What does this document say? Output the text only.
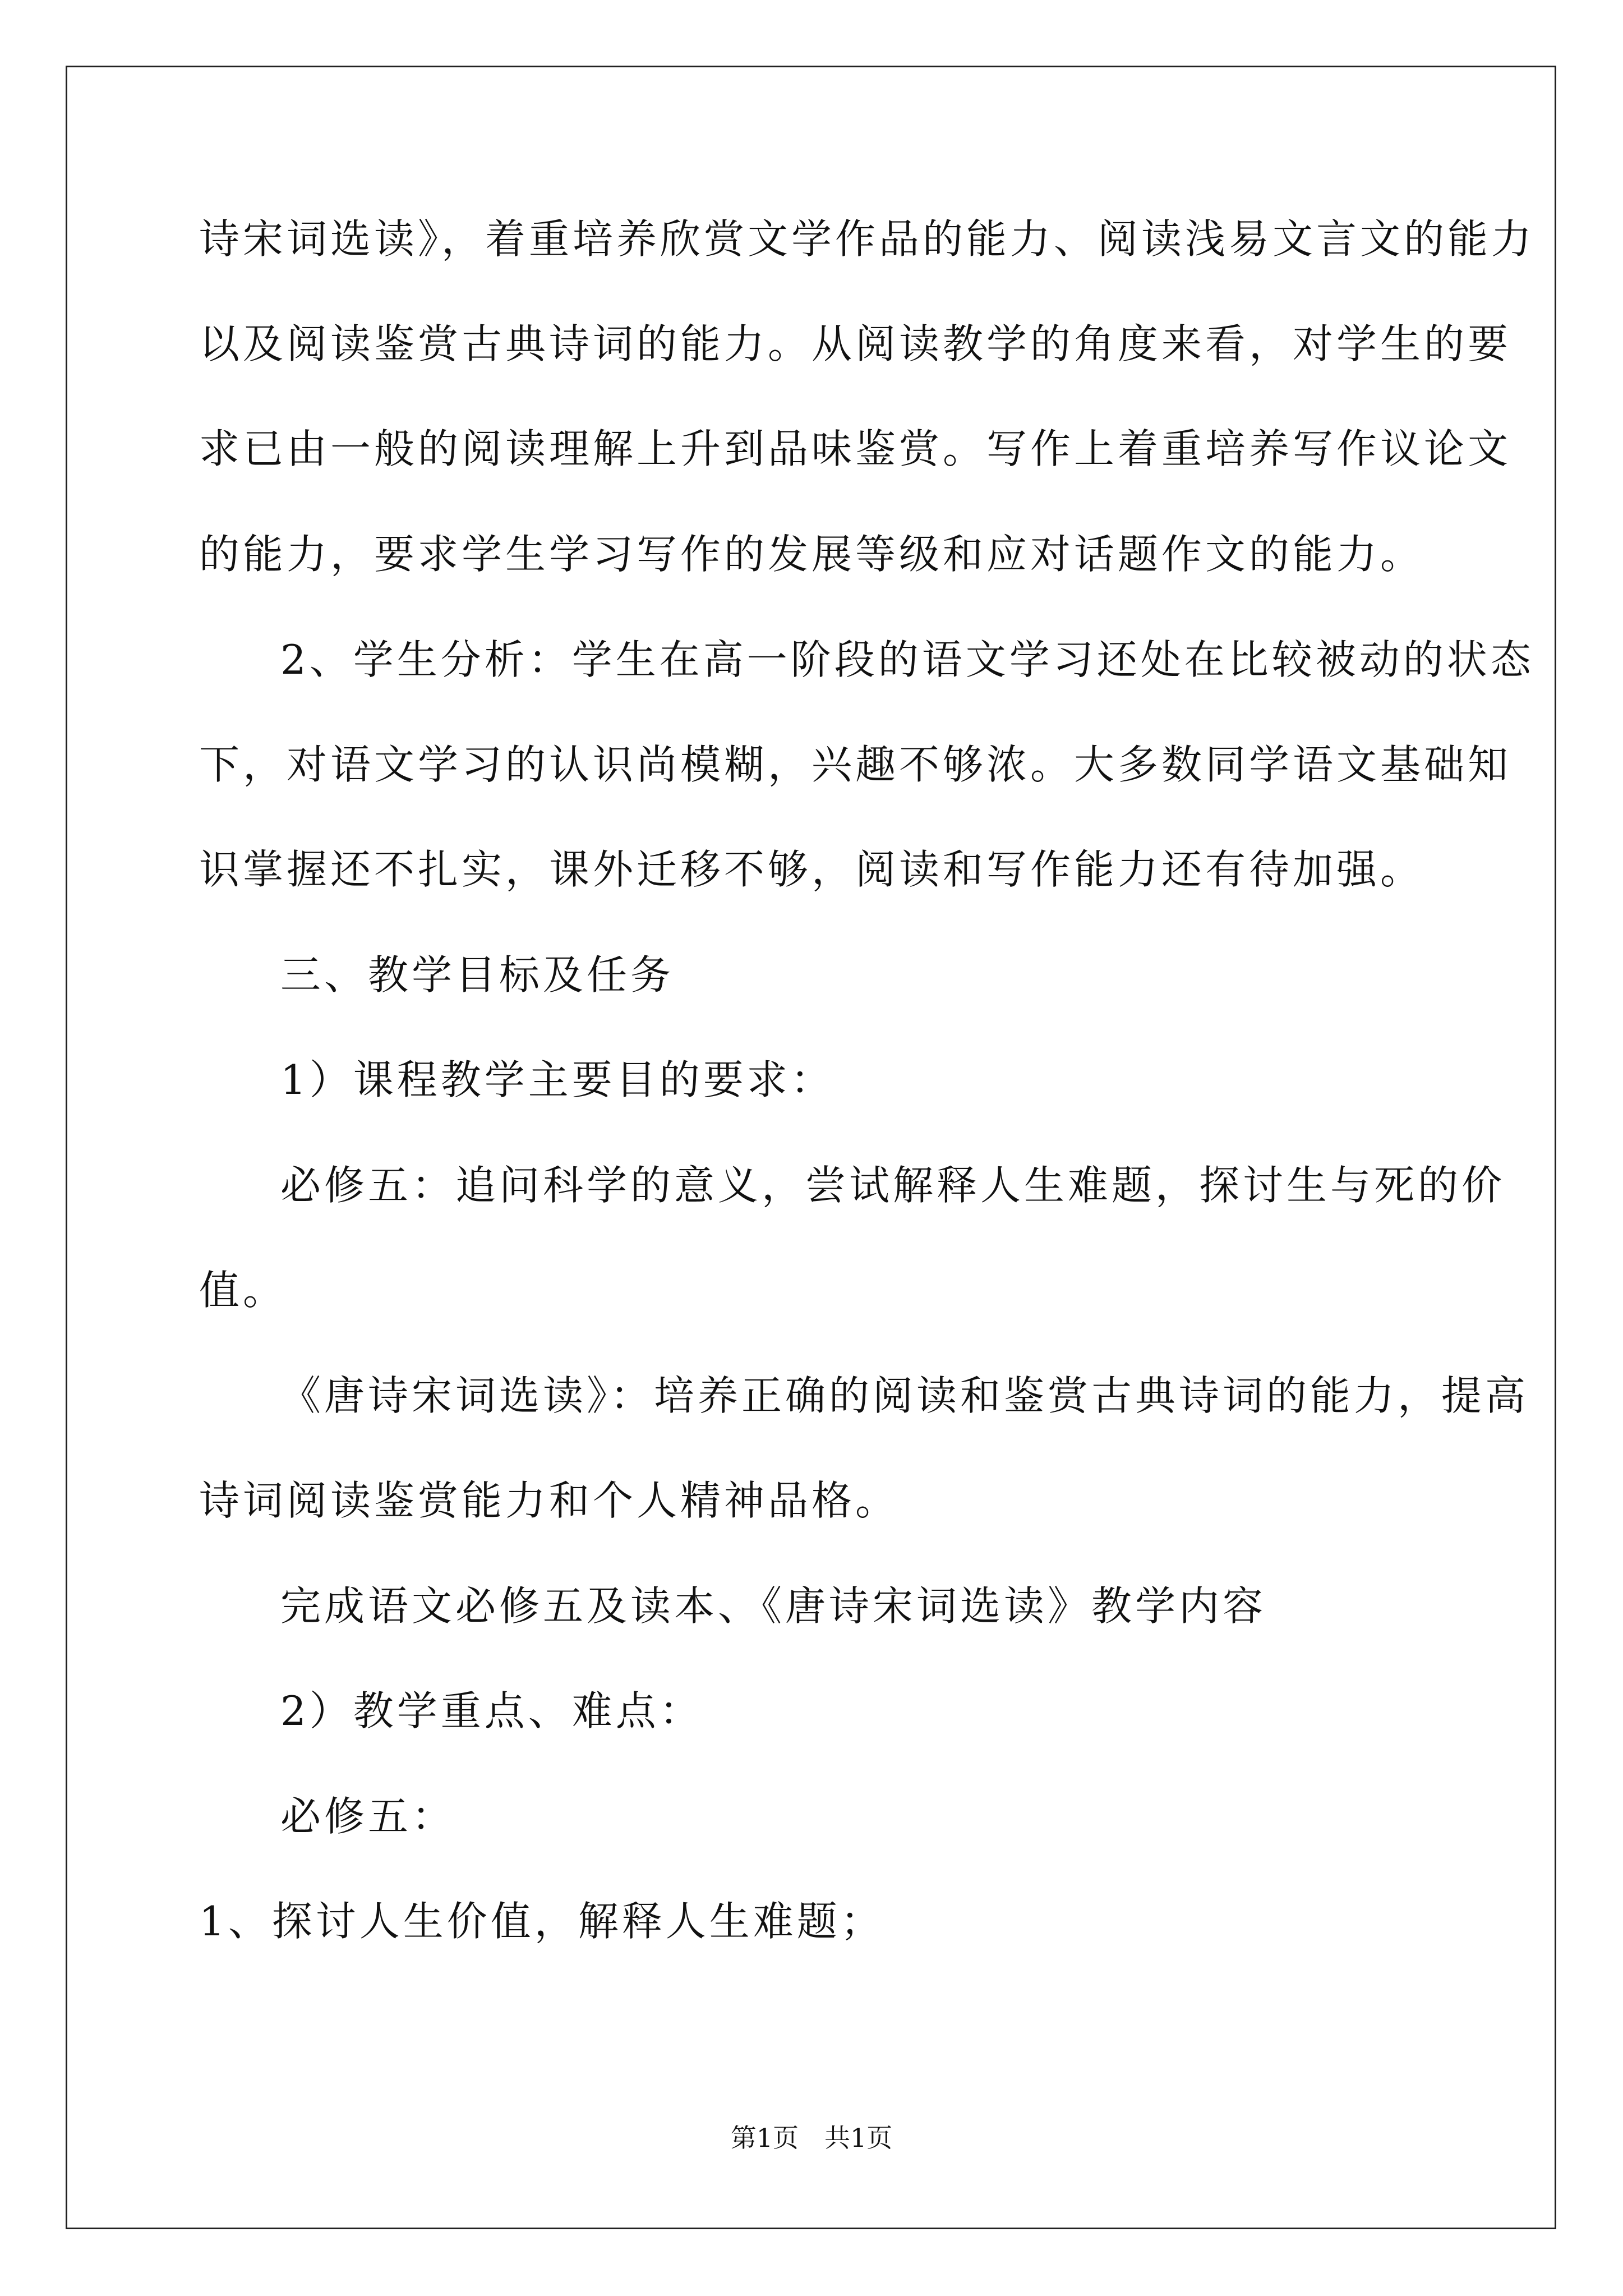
诗宋词选读》，着重培养欣赏文学作品的能力、阅读浅易文言文的能力
以及阅读鉴赏古典诗词的能力。从阅读教学的角度来看，对学生的要
求已由一般的阅读理解上升到品味鉴赏。写作上着重培养写作议论文
的能力，要求学生学习写作的发展等级和应对话题作文的能力。
2、学生分析：学生在高一阶段的语文学习还处在比较被动的状态
下，对语文学习的认识尚模糊，兴趣不够浓。大多数同学语文基础知
识掌握还不扎实，课外迁移不够，阅读和写作能力还有待加强。
三、教学目标及任务
1）课程教学主要目的要求：
必修五：追问科学的意义，尝试解释人生难题，探讨生与死的价
值。
《唐诗宋词选读》：培养正确的阅读和鉴赏古典诗词的能力，提高
诗词阅读鉴赏能力和个人精神品格。
完成语文必修五及读本、《唐诗宋词选读》教学内容
2）教学重点、难点：
必修五：
1、探讨人生价值，解释人生难题；
第1页　共1页
